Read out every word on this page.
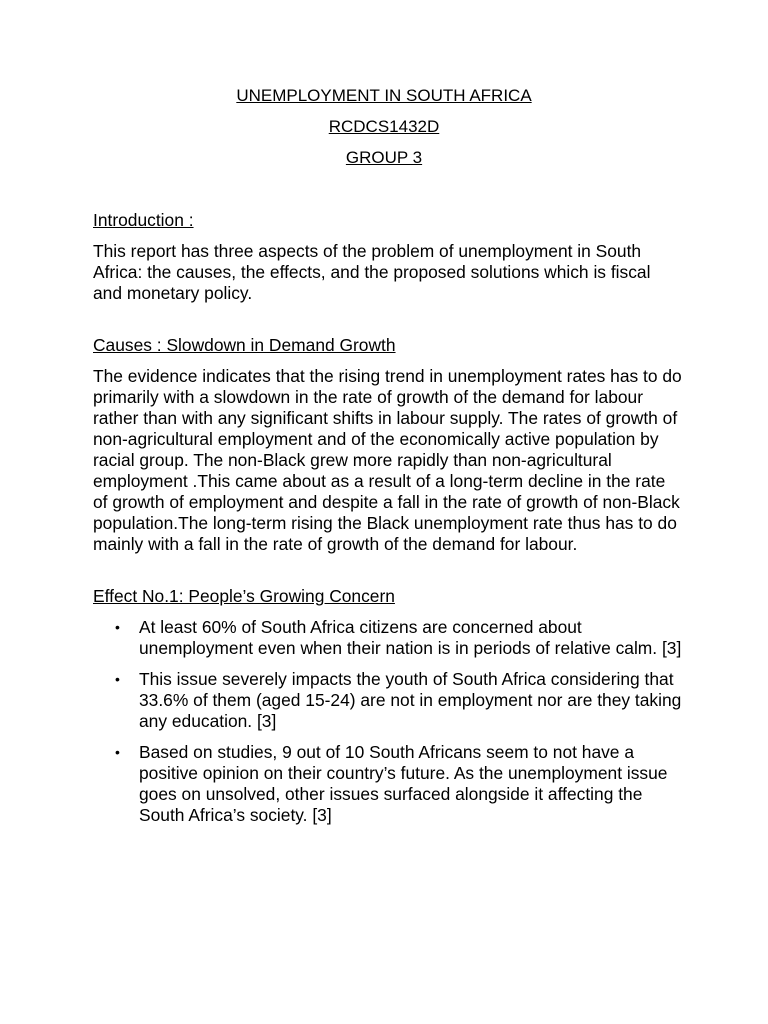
UNEMPLOYMENT IN SOUTH AFRICA
RCDCS1432D
GROUP 3
Introduction :

This report has three aspects of the problem of unemployment in South Africa: the causes, the effects, and the proposed solutions which is fiscal and monetary policy.

Causes : Slowdown in Demand Growth

The evidence indicates that the rising trend in unemployment rates has to do primarily with a slowdown in the rate of growth of the demand for labour rather than with any significant shifts in labour supply. The rates of growth of non-agricultural employment and of the economically active population by racial group. The non-Black grew more rapidly than non-agricultural employment .This came about as a result of a long-term decline in the rate of growth of employment and despite a fall in the rate of growth of non-Black population.The long-term rising the Black unemployment rate thus has to do mainly with a fall in the rate of growth of the demand for labour.

Effect No.1: People’s Growing Concern
• At least 60% of South Africa citizens are concerned about unemployment even when their nation is in periods of relative calm. [3]
• This issue severely impacts the youth of South Africa considering that 33.6% of them (aged 15-24) are not in employment nor are they taking any education. [3]
• Based on studies, 9 out of 10 South Africans seem to not have a positive opinion on their country’s future. As the unemployment issue goes on unsolved, other issues surfaced alongside it affecting the South Africa’s society. [3]
